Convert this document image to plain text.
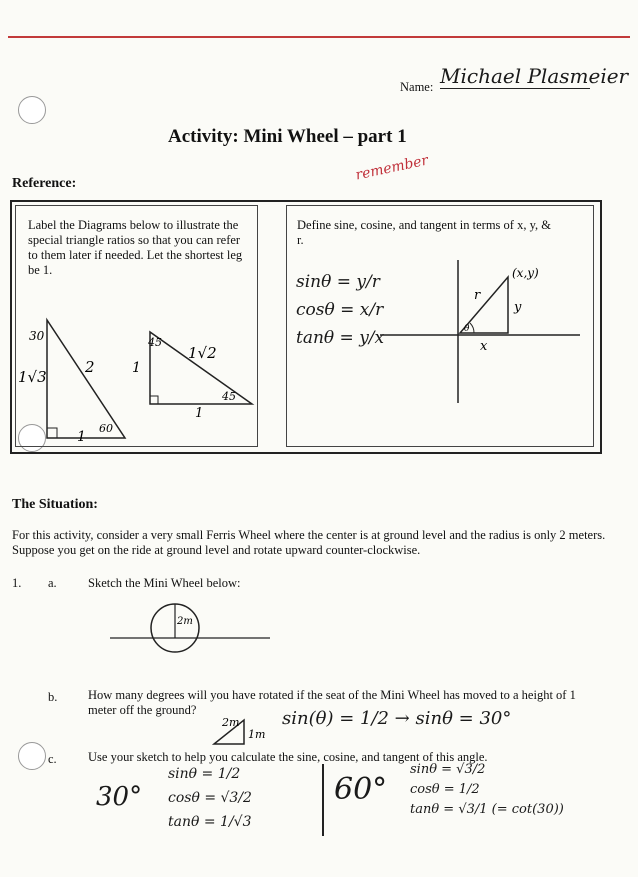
Name: Michael Plasmeier
Activity: Mini Wheel – part 1
remember
Reference:
Label the Diagrams below to illustrate the special triangle ratios so that you can refer to them later if needed. Let the shortest leg be 1.
30
1√3
2
60
1
45
1
1√2
45
1
Define sine, cosine, and tangent in terms of x, y, & r.
sinθ = y/r
cosθ = x/r
tanθ = y/x
(x,y)
r
y
x
θ
The Situation:
For this activity, consider a very small Ferris Wheel where the center is at ground level and the radius is only 2 meters. Suppose you get on the ride at ground level and rotate upward counter-clockwise.
1. a.	Sketch the Mini Wheel below:
2m
b. How many degrees will you have rotated if the seat of the Mini Wheel has moved to a height of 1 meter off the ground?
2m
1m
sin(θ) = 1/2 → sinθ = 30°
c.	Use your sketch to help you calculate the sine, cosine, and tangent of this angle.
30°
sinθ = 1/2
cosθ = √3/2
tanθ = 1/√3
60°
sinθ = √3/2
cosθ = 1/2
tanθ = √3/1 (= cot(30))
